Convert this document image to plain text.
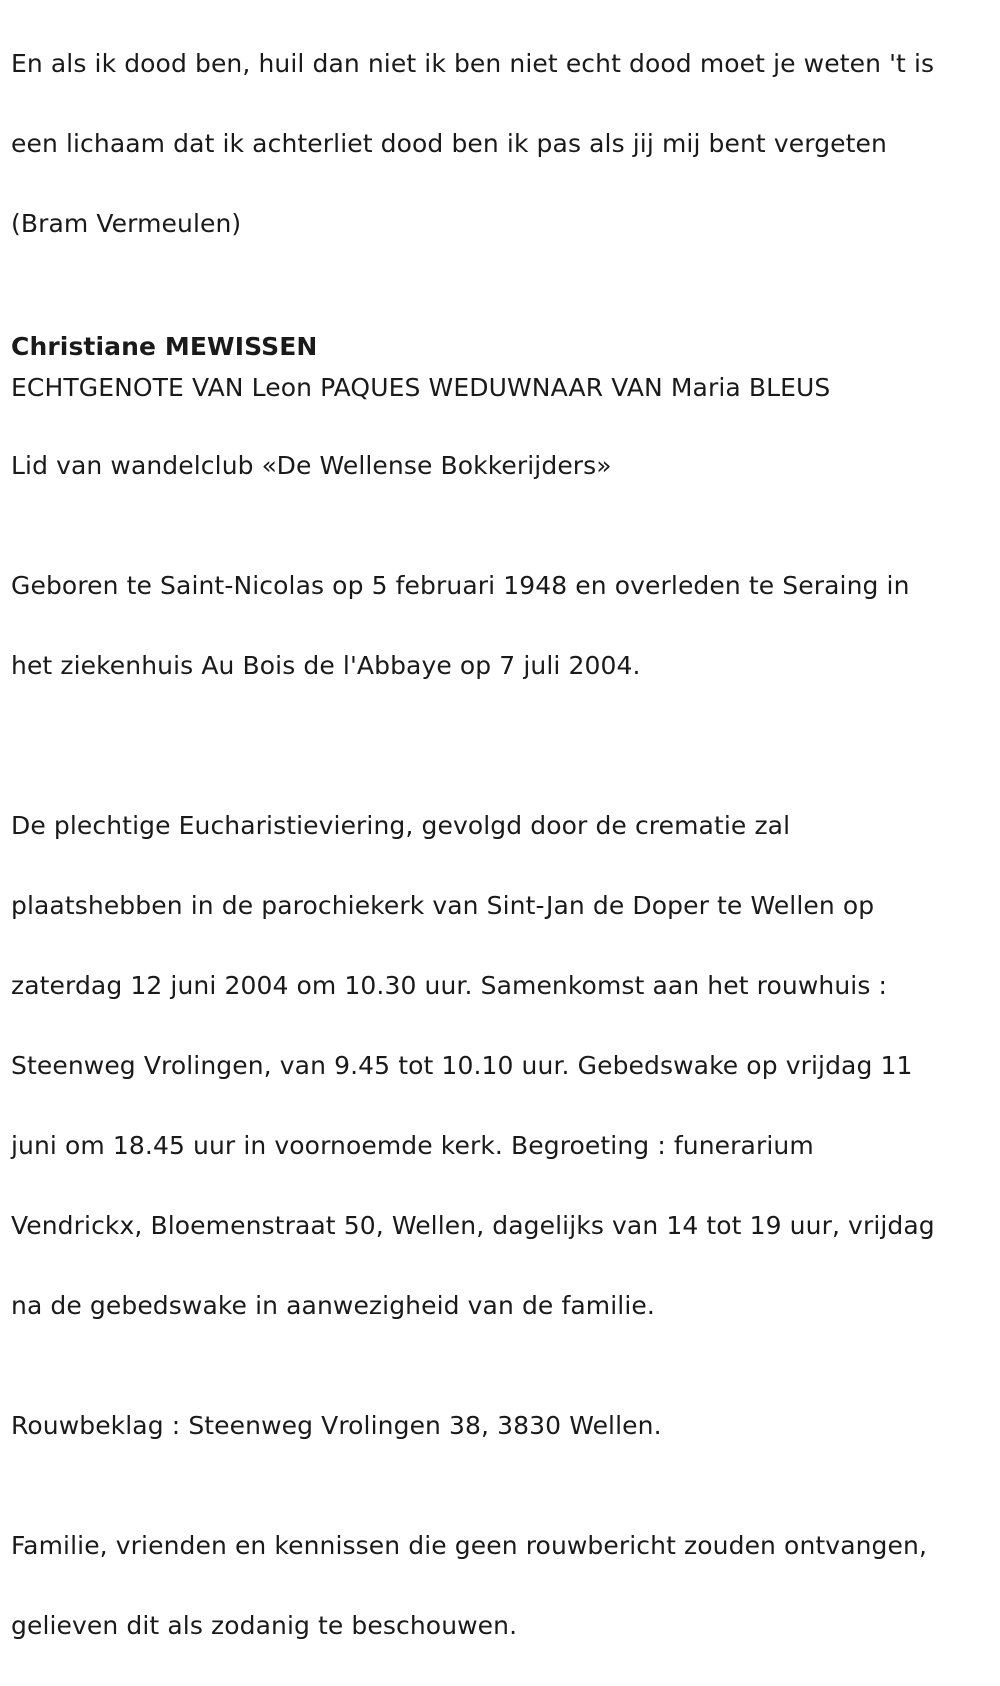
En als ik dood ben, huil dan niet ik ben niet echt dood moet je weten 't is

een lichaam dat ik achterliet dood ben ik pas als jij mij bent vergeten

(Bram Vermeulen)

Christiane MEWISSEN
ECHTGENOTE VAN Leon PAQUES WEDUWNAAR VAN Maria BLEUS
Lid van wandelclub «De Wellense Bokkerijders»

Geboren te Saint-Nicolas op 5 februari 1948 en overleden te Seraing in

het ziekenhuis Au Bois de l'Abbaye op 7 juli 2004.

De plechtige Eucharistieviering, gevolgd door de crematie zal

plaatshebben in de parochiekerk van Sint-Jan de Doper te Wellen op

zaterdag 12 juni 2004 om 10.30 uur. Samenkomst aan het rouwhuis :

Steenweg Vrolingen, van 9.45 tot 10.10 uur. Gebedswake op vrijdag 11

juni om 18.45 uur in voornoemde kerk. Begroeting : funerarium

Vendrickx, Bloemenstraat 50, Wellen, dagelijks van 14 tot 19 uur, vrijdag

na de gebedswake in aanwezigheid van de familie.

Rouwbeklag : Steenweg Vrolingen 38, 3830 Wellen.

Familie, vrienden en kennissen die geen rouwbericht zouden ontvangen,

gelieven dit als zodanig te beschouwen.
